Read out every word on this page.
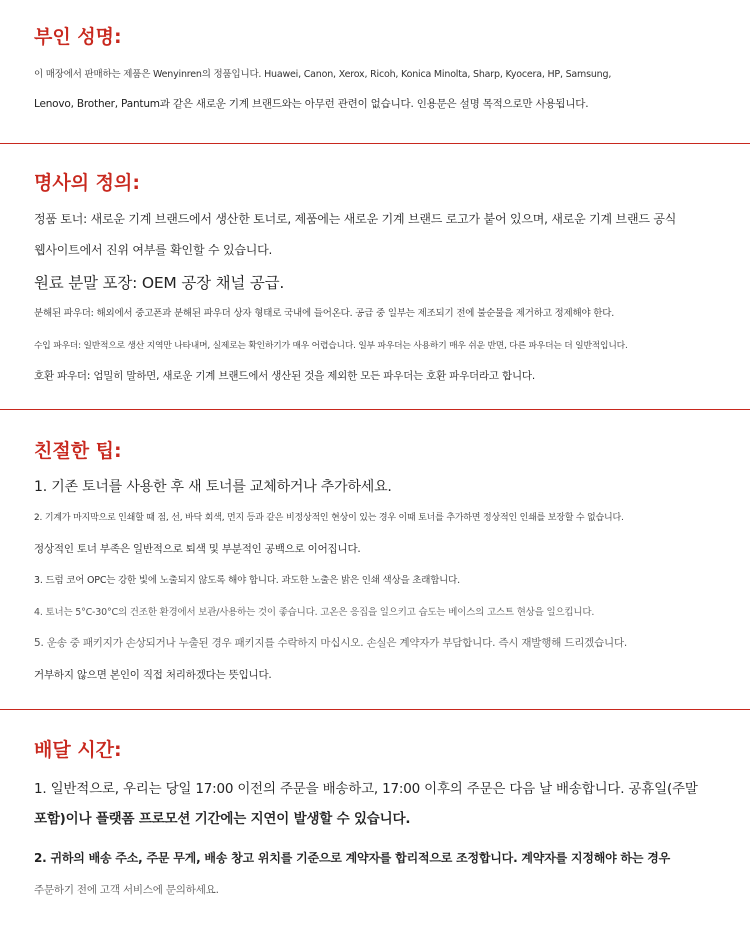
부인 성명:
이 매장에서 판매하는 제품은 Wenyinren의 정품입니다. Huawei, Canon, Xerox, Ricoh, Konica Minolta, Sharp, Kyocera, HP, Samsung,
Lenovo, Brother, Pantum과 같은 새로운 기계 브랜드와는 아무런 관련이 없습니다. 인용문은 설명 목적으로만 사용됩니다.
명사의 정의:
정품 토너: 새로운 기계 브랜드에서 생산한 토너로, 제품에는 새로운 기계 브랜드 로고가 붙어 있으며, 새로운 기계 브랜드 공식
웹사이트에서 진위 여부를 확인할 수 있습니다.
원료 분말 포장: OEM 공장 채널 공급.
분해된 파우더: 해외에서 중고폰과 분해된 파우더 상자 형태로 국내에 들어온다. 공급 중 일부는 제조되기 전에 불순물을 제거하고 정제해야 한다.
수입 파우더: 일반적으로 생산 지역만 나타내며, 실제로는 확인하기가 매우 어렵습니다. 일부 파우더는 사용하기 매우 쉬운 반면, 다른 파우더는 더 일반적입니다.
호환 파우더: 엄밀히 말하면, 새로운 기계 브랜드에서 생산된 것을 제외한 모든 파우더는 호환 파우더라고 합니다.
친절한 팁:
1. 기존 토너를 사용한 후 새 토너를 교체하거나 추가하세요.
2. 기계가 마지막으로 인쇄할 때 점, 선, 바닥 회색, 먼지 등과 같은 비정상적인 현상이 있는 경우 이때 토너를 추가하면 정상적인 인쇄를 보장할 수 없습니다.
정상적인 토너 부족은 일반적으로 퇴색 및 부분적인 공백으로 이어집니다.
3. 드럼 코어 OPC는 강한 빛에 노출되지 않도록 해야 합니다. 과도한 노출은 밝은 인쇄 색상을 초래합니다.
4. 토너는 5°C-30°C의 건조한 환경에서 보관/사용하는 것이 좋습니다. 고온은 응집을 일으키고 습도는 베이스의 고스트 현상을 일으킵니다.
5. 운송 중 패키지가 손상되거나 누출된 경우 패키지를 수락하지 마십시오. 손실은 계약자가 부담합니다. 즉시 재발행해 드리겠습니다.
거부하지 않으면 본인이 직접 처리하겠다는 뜻입니다.
배달 시간:
1. 일반적으로, 우리는 당일 17:00 이전의 주문을 배송하고, 17:00 이후의 주문은 다음 날 배송합니다. 공휴일(주말
포함)이나 플랫폼 프로모션 기간에는 지연이 발생할 수 있습니다.
2. 귀하의 배송 주소, 주문 무게, 배송 창고 위치를 기준으로 계약자를 합리적으로 조정합니다. 계약자를 지정해야 하는 경우
주문하기 전에 고객 서비스에 문의하세요.
